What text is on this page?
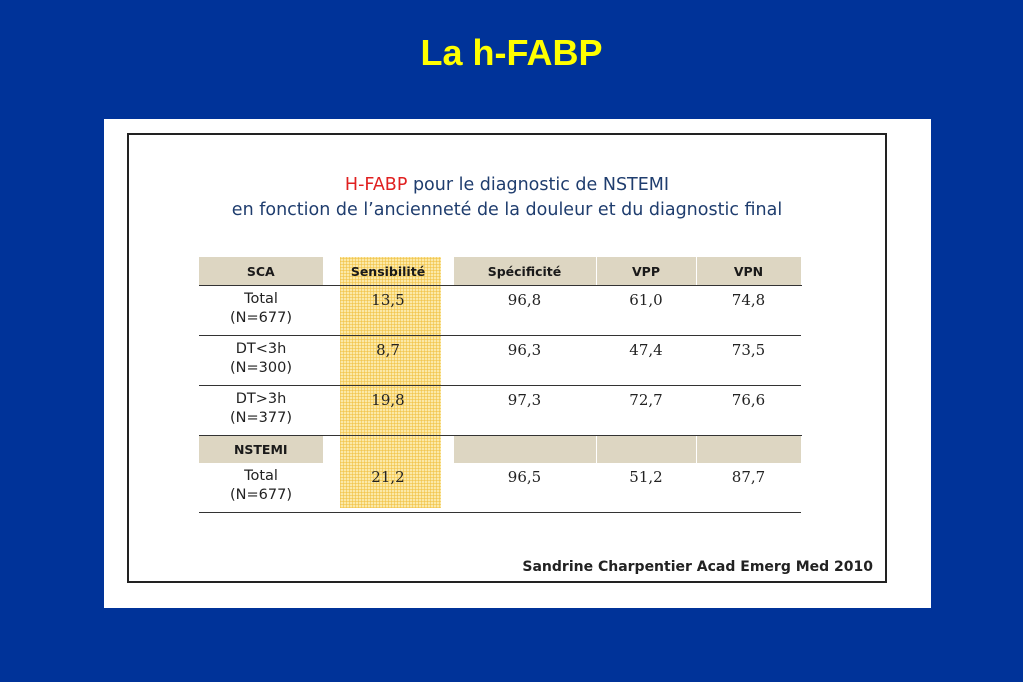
La h-FABP
H-FABP pour le diagnostic de NSTEMI
en fonction de l’ancienneté de la douleur et du diagnostic final
SCA	Sensibilité	Spécificité	VPP	VPN

Total
(N=677)	13,5	96,8	61,0	74,8

DT<3h
(N=300)	8,7	96,3	47,4	73,5

DT>3h
(N=377)	19,8	97,3	72,7	76,6
NSTEMI				

Total
(N=677)	21,2	96,5	51,2	87,7
Sandrine Charpentier Acad Emerg Med 2010
